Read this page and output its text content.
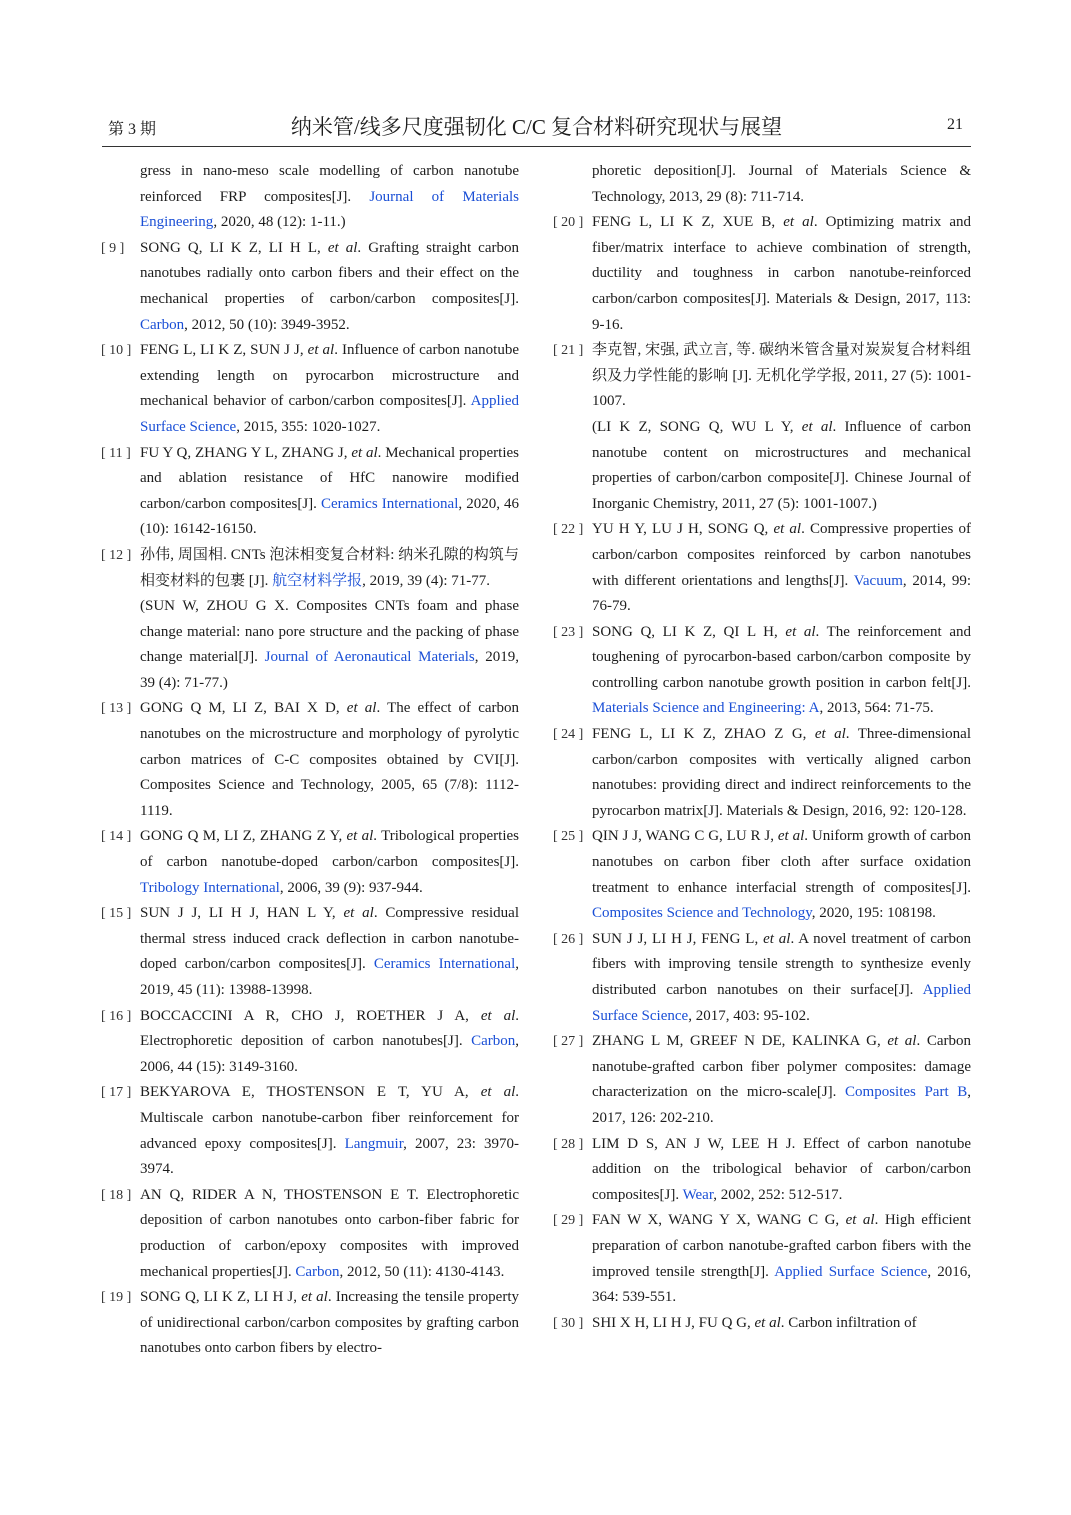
第 3 期	纳米管/线多尺度强韧化 C/C 复合材料研究现状与展望	21
gress in nano-meso scale modelling of carbon nanotube reinforced FRP composites[J]. Journal of Materials Engineering, 2020, 48 (12): 1-11.)
[ 9 ]	SONG Q, LI K Z, LI H L, et al. Grafting straight carbon nanotubes radially onto carbon fibers and their effect on the mechanical properties of carbon/carbon composites[J]. Carbon, 2012, 50 (10): 3949-3952.
[ 10 ] FENG L, LI K Z, SUN J J, et al. Influence of carbon nanotube extending length on pyrocarbon microstructure and mechanical behavior of carbon/carbon composites[J]. Applied Surface Science, 2015, 355: 1020-1027.
[ 11 ] FU Y Q, ZHANG Y L, ZHANG J, et al. Mechanical properties and ablation resistance of HfC nanowire modified carbon/carbon composites[J]. Ceramics International, 2020, 46 (10): 16142-16150.
[ 12 ] 孙伟, 周国相. CNTs 泡沫相变复合材料: 纳米孔隙的构筑与相变材料的包裹 [J]. 航空材料学报, 2019, 39 (4): 71-77.
(SUN W, ZHOU G X. Composites CNTs foam and phase change material: nano pore structure and the packing of phase change material[J]. Journal of Aeronautical Materials, 2019, 39 (4): 71-77.)
[ 13 ] GONG Q M, LI Z, BAI X D, et al. The effect of carbon nanotubes on the microstructure and morphology of pyrolytic carbon matrices of C-C composites obtained by CVI[J]. Composites Science and Technology, 2005, 65 (7/8): 1112-1119.
[ 14 ] GONG Q M, LI Z, ZHANG Z Y, et al. Tribological properties of carbon nanotube-doped carbon/carbon composites[J]. Tribology International, 2006, 39 (9): 937-944.
[ 15 ] SUN J J, LI H J, HAN L Y, et al. Compressive residual thermal stress induced crack deflection in carbon nanotube-doped carbon/carbon composites[J]. Ceramics International, 2019, 45 (11): 13988-13998.
[ 16 ] BOCCACCINI A R, CHO J, ROETHER J A, et al. Electrophoretic deposition of carbon nanotubes[J]. Carbon, 2006, 44 (15): 3149-3160.
[ 17 ] BEKYAROVA E, THOSTENSON E T, YU A, et al. Multiscale carbon nanotube-carbon fiber reinforcement for advanced epoxy composites[J]. Langmuir, 2007, 23: 3970-3974.
[ 18 ] AN Q, RIDER A N, THOSTENSON E T. Electrophoretic deposition of carbon nanotubes onto carbon-fiber fabric for production of carbon/epoxy composites with improved mechanical properties[J]. Carbon, 2012, 50 (11): 4130-4143.
[ 19 ] SONG Q, LI K Z, LI H J, et al. Increasing the tensile property of unidirectional carbon/carbon composites by grafting carbon nanotubes onto carbon fibers by electro-
phoretic deposition[J]. Journal of Materials Science & Technology, 2013, 29 (8): 711-714.
[ 20 ] FENG L, LI K Z, XUE B, et al. Optimizing matrix and fiber/matrix interface to achieve combination of strength, ductility and toughness in carbon nanotube-reinforced carbon/carbon composites[J]. Materials & Design, 2017, 113: 9-16.
[ 21 ] 李克智, 宋强, 武立言, 等. 碳纳米管含量对炭炭复合材料组织及力学性能的影响 [J]. 无机化学学报, 2011, 27 (5): 1001-1007.
(LI K Z, SONG Q, WU L Y, et al. Influence of carbon nanotube content on microstructures and mechanical properties of carbon/carbon composite[J]. Chinese Journal of Inorganic Chemistry, 2011, 27 (5): 1001-1007.)
[ 22 ] YU H Y, LU J H, SONG Q, et al. Compressive properties of carbon/carbon composites reinforced by carbon nanotubes with different orientations and lengths[J]. Vacuum, 2014, 99: 76-79.
[ 23 ] SONG Q, LI K Z, QI L H, et al. The reinforcement and toughening of pyrocarbon-based carbon/carbon composite by controlling carbon nanotube growth position in carbon felt[J]. Materials Science and Engineering: A, 2013, 564: 71-75.
[ 24 ] FENG L, LI K Z, ZHAO Z G, et al. Three-dimensional carbon/carbon composites with vertically aligned carbon nanotubes: providing direct and indirect reinforcements to the pyrocarbon matrix[J]. Materials & Design, 2016, 92: 120-128.
[ 25 ] QIN J J, WANG C G, LU R J, et al. Uniform growth of carbon nanotubes on carbon fiber cloth after surface oxidation treatment to enhance interfacial strength of composites[J]. Composites Science and Technology, 2020, 195: 108198.
[ 26 ] SUN J J, LI H J, FENG L, et al. A novel treatment of carbon fibers with improving tensile strength to synthesize evenly distributed carbon nanotubes on their surface[J]. Applied Surface Science, 2017, 403: 95-102.
[ 27 ] ZHANG L M, GREEF N DE, KALINKA G, et al. Carbon nanotube-grafted carbon fiber polymer composites: damage characterization on the micro-scale[J]. Composites Part B, 2017, 126: 202-210.
[ 28 ] LIM D S, AN J W, LEE H J. Effect of carbon nanotube addition on the tribological behavior of carbon/carbon composites[J]. Wear, 2002, 252: 512-517.
[ 29 ] FAN W X, WANG Y X, WANG C G, et al. High efficient preparation of carbon nanotube-grafted carbon fibers with the improved tensile strength[J]. Applied Surface Science, 2016, 364: 539-551.
[ 30 ] SHI X H, LI H J, FU Q G, et al. Carbon infiltration of
